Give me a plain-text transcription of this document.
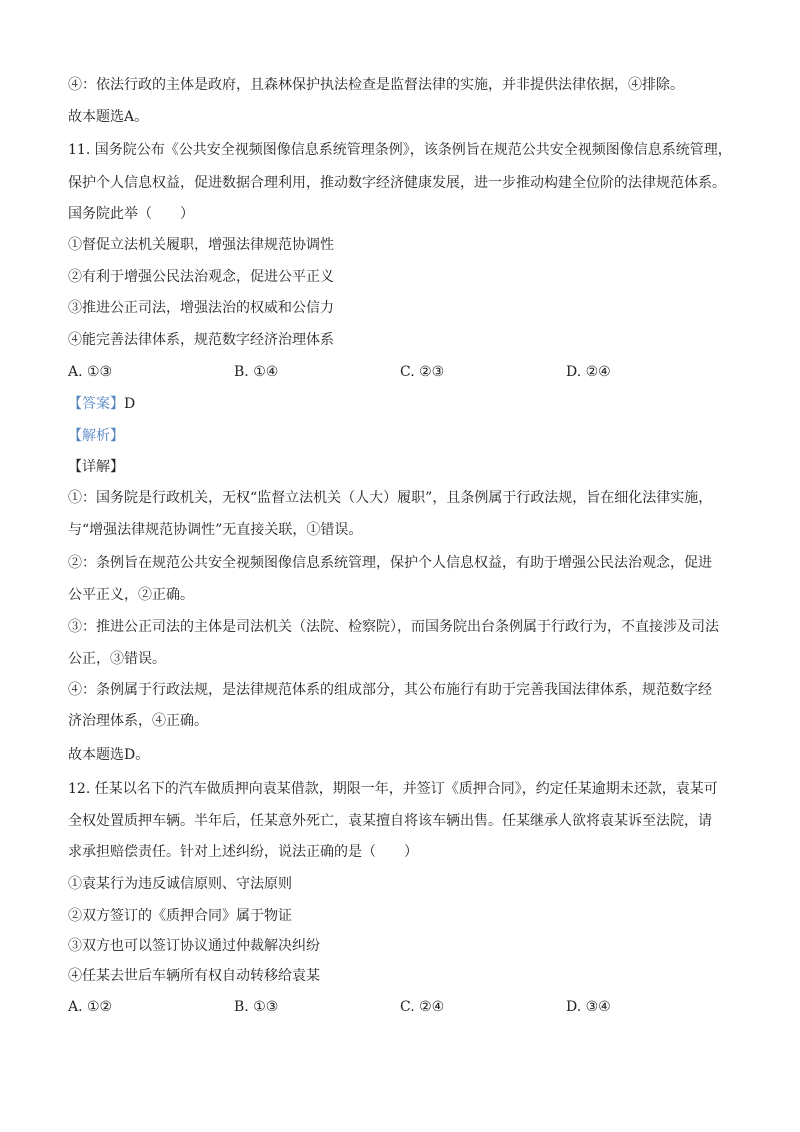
④：依法行政的主体是政府，且森林保护执法检查是监督法律的实施，并非提供法律依据，④排除。
故本题选A。
11. 国务院公布《公共安全视频图像信息系统管理条例》，该条例旨在规范公共安全视频图像信息系统管理，
保护个人信息权益，促进数据合理利用，推动数字经济健康发展，进一步推动构建全位阶的法律规范体系。
国务院此举（　　）
①督促立法机关履职，增强法律规范协调性
②有利于增强公民法治观念，促进公平正义
③推进公正司法，增强法治的权威和公信力
④能完善法律体系，规范数字经济治理体系
A. ①③	B. ①④	C. ②③	D. ②④
【答案】D
【解析】
【详解】
①：国务院是行政机关，无权“监督立法机关（人大）履职”，且条例属于行政法规，旨在细化法律实施，
与“增强法律规范协调性”无直接关联，①错误。
②：条例旨在规范公共安全视频图像信息系统管理，保护个人信息权益，有助于增强公民法治观念，促进
公平正义，②正确。
③：推进公正司法的主体是司法机关（法院、检察院），而国务院出台条例属于行政行为，不直接涉及司法
公正，③错误。
④：条例属于行政法规，是法律规范体系的组成部分，其公布施行有助于完善我国法律体系，规范数字经
济治理体系，④正确。
故本题选D。
12. 任某以名下的汽车做质押向袁某借款，期限一年，并签订《质押合同》，约定任某逾期未还款，袁某可
全权处置质押车辆。半年后，任某意外死亡，袁某擅自将该车辆出售。任某继承人欲将袁某诉至法院，请
求承担赔偿责任。针对上述纠纷，说法正确的是（　　）
①袁某行为违反诚信原则、守法原则
②双方签订的《质押合同》属于物证
③双方也可以签订协议通过仲裁解决纠纷
④任某去世后车辆所有权自动转移给袁某
A. ①②	B. ①③	C. ②④	D. ③④
